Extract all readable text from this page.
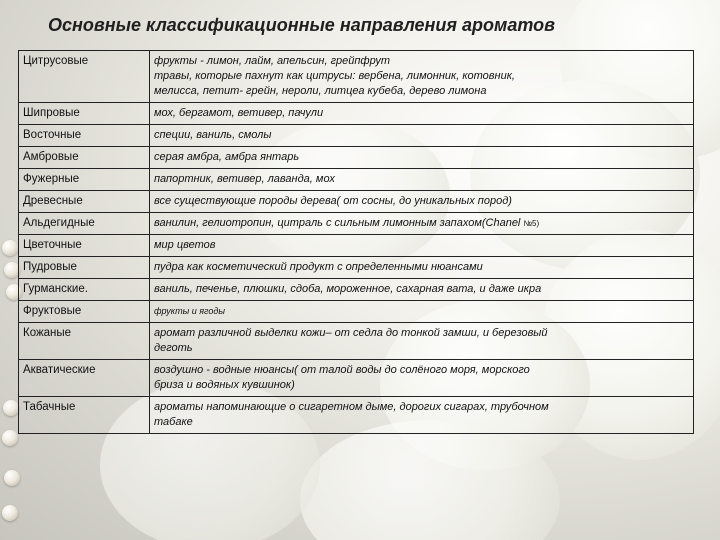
Основные классификационные направления ароматов
Цитрусовые	фрукты - лимон, лайм, апельсин, грейпфрут
травы, которые пахнут как цитрусы: вербена, лимонник, котовник,
мелисса, петит- грейн, нероли, литцеа кубеба, дерево лимона

Шипровые	мох, бергамот, ветивер, пачули

Восточные	специи, ваниль, смолы

Амбровые	серая амбра, амбра янтарь

Фужерные	папортник, ветивер, лаванда, мох

Древесные	все существующие породы дерева( от сосны, до уникальных пород)

Альдегидные	ванилин, гелиотропин, цитраль с сильным лимонным запахом(Chanel №5)

Цветочные	мир цветов

Пудровые	пудра как косметический продукт с определенными нюансами

Гурманские.	ваниль, печенье, плюшки, сдоба, мороженное, сахарная вата, и даже икра

Фруктовые	фрукты и ягоды

Кожаные	аромат различной выделки кожи– от седла до тонкой замши, и березовый
деготь

Акватические	воздушно - водные нюансы( от талой воды до солёного моря, морского
бриза и водяных кувшинок)

Табачные	ароматы напоминающие о сигаретном дыме, дорогих сигарах, трубочном
табаке
